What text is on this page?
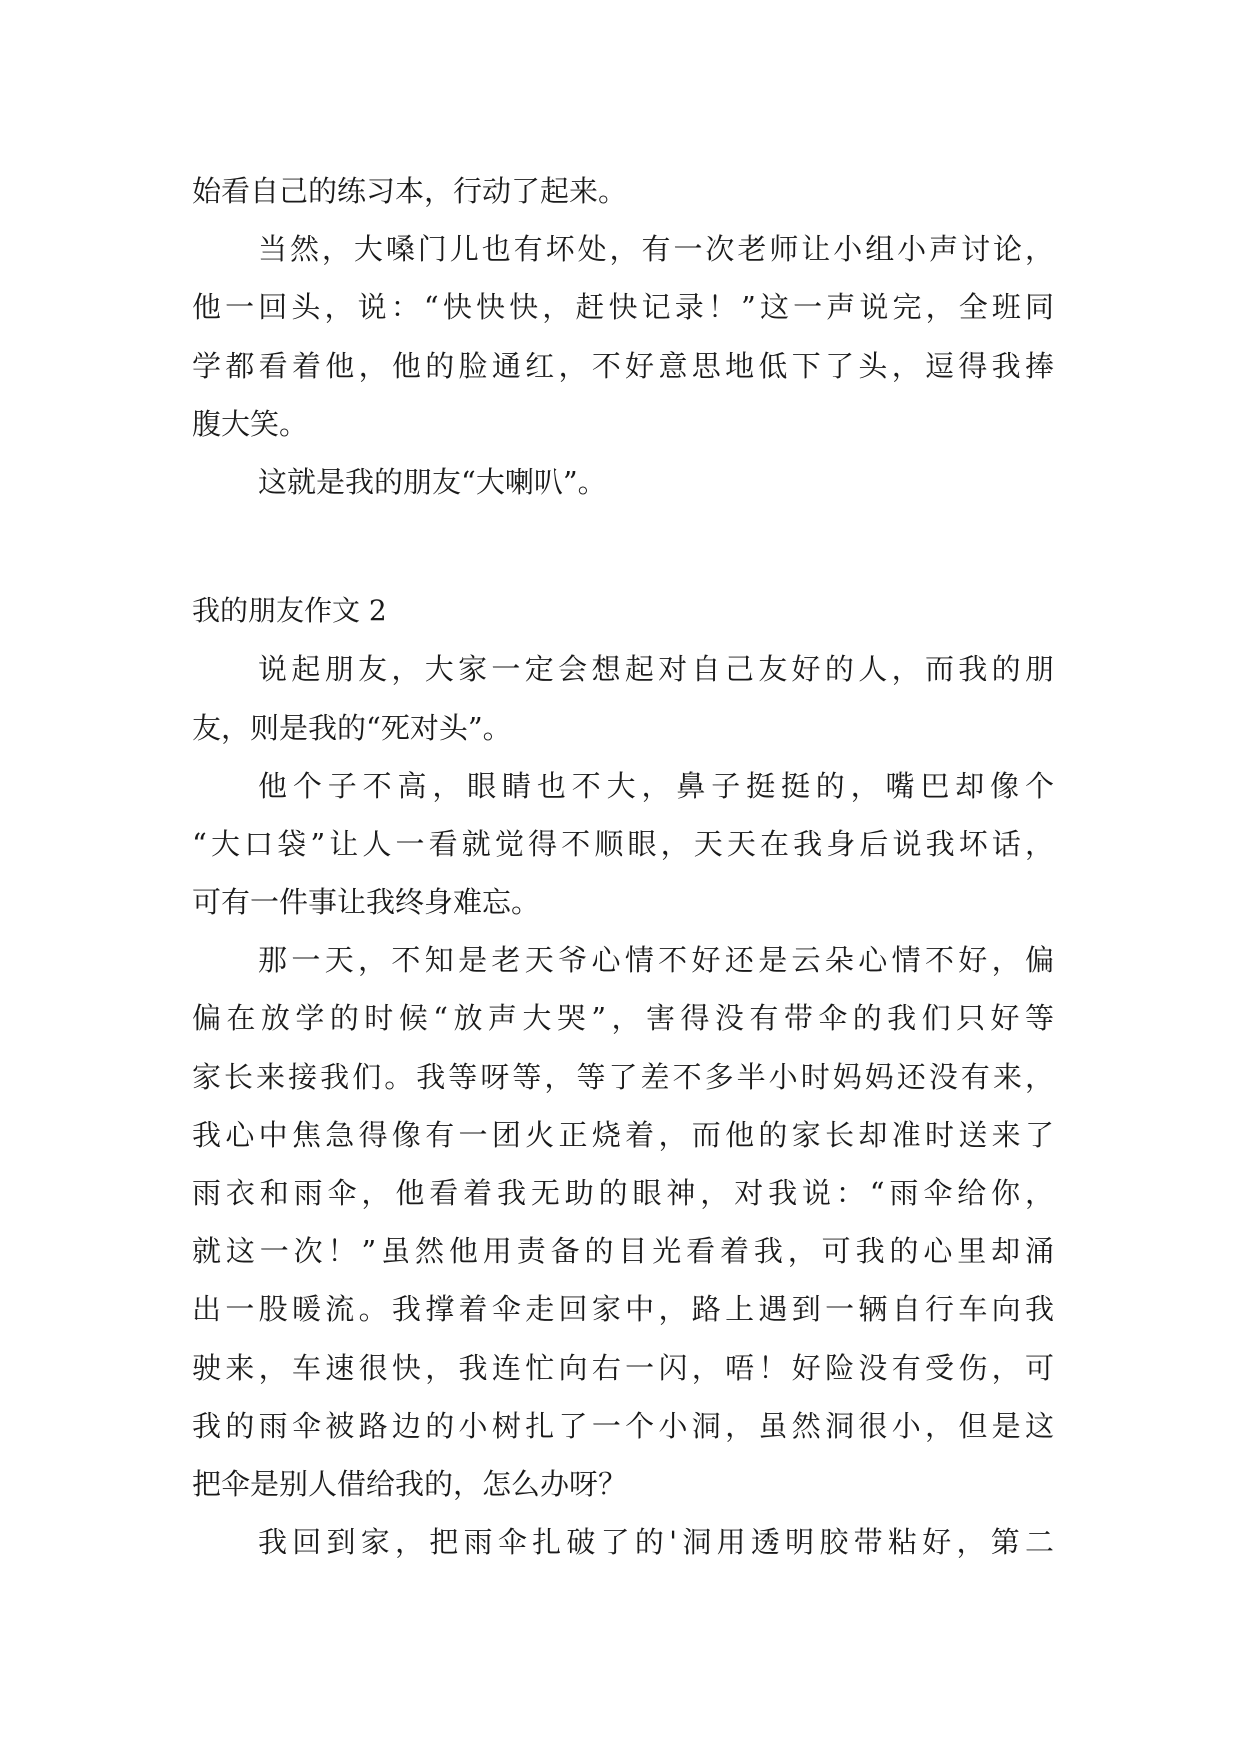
始看自己的练习本，行动了起来。
当然，大嗓门儿也有坏处，有一次老师让小组小声讨论，
他一回头，说：“快快快，赶快记录！”这一声说完，全班同
学都看着他，他的脸通红，不好意思地低下了头，逗得我捧
腹大笑。
这就是我的朋友“大喇叭”。
我的朋友作文 2
说起朋友，大家一定会想起对自己友好的人，而我的朋
友，则是我的“死对头”。
他个子不高，眼睛也不大，鼻子挺挺的，嘴巴却像个
“大口袋”让人一看就觉得不顺眼，天天在我身后说我坏话，
可有一件事让我终身难忘。
那一天，不知是老天爷心情不好还是云朵心情不好，偏
偏在放学的时候“放声大哭”，害得没有带伞的我们只好等
家长来接我们。我等呀等，等了差不多半小时妈妈还没有来，
我心中焦急得像有一团火正烧着，而他的家长却准时送来了
雨衣和雨伞，他看着我无助的眼神，对我说：“雨伞给你，
就这一次！”虽然他用责备的目光看着我，可我的心里却涌
出一股暖流。我撑着伞走回家中，路上遇到一辆自行车向我
驶来，车速很快，我连忙向右一闪，唔！好险没有受伤，可
我的雨伞被路边的小树扎了一个小洞，虽然洞很小，但是这
把伞是别人借给我的，怎么办呀？
我回到家，把雨伞扎破了的'洞用透明胶带粘好，第二
